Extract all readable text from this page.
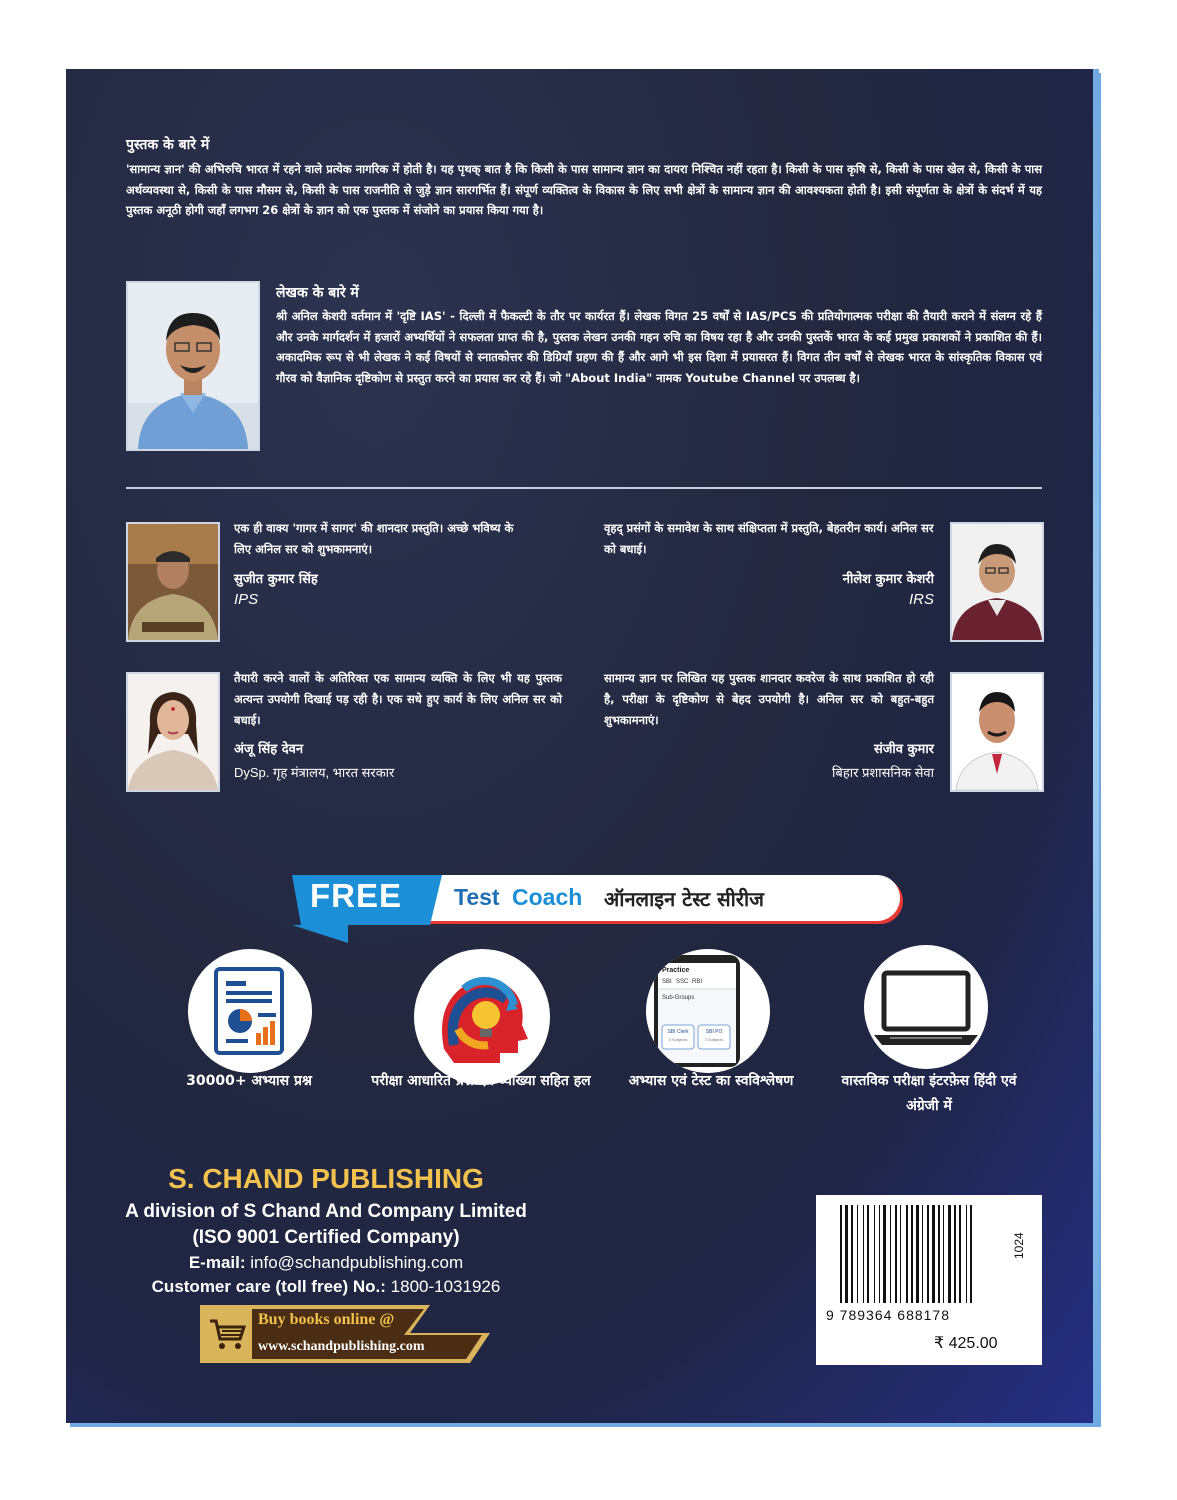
पुस्तक के बारे में
'सामान्य ज्ञान' की अभिरुचि भारत में रहने वाले प्रत्येक नागरिक में होती है। यह पृथक् बात है कि किसी के पास सामान्य ज्ञान का दायरा निश्चित नहीं रहता है। किसी के पास कृषि से, किसी के पास खेल से, किसी के पास अर्थव्यवस्था से, किसी के पास मौसम से, किसी के पास राजनीति से जुड़े ज्ञान सारगर्भित हैं। संपूर्ण व्यक्तित्व के विकास के लिए सभी क्षेत्रों के सामान्य ज्ञान की आवश्यकता होती है। इसी संपूर्णता के क्षेत्रों के संदर्भ में यह पुस्तक अनूठी होगी जहाँ लगभग 26 क्षेत्रों के ज्ञान को एक पुस्तक में संजोने का प्रयास किया गया है।
लेखक के बारे में
श्री अनिल केशरी वर्तमान में 'दृष्टि IAS' - दिल्ली में फैकल्टी के तौर पर कार्यरत हैं। लेखक विगत 25 वर्षों से IAS/PCS की प्रतियोगात्मक परीक्षा की तैयारी कराने में संलग्न रहे हैं और उनके मार्गदर्शन में हजारों अभ्यर्थियों ने सफलता प्राप्त की है, पुस्तक लेखन उनकी गहन रुचि का विषय रहा है और उनकी पुस्तकें भारत के कई प्रमुख प्रकाशकों ने प्रकाशित की हैं। अकादमिक रूप से भी लेखक ने कई विषयों से स्नातकोत्तर की डिग्रियाँ ग्रहण की हैं और आगे भी इस दिशा में प्रयासरत हैं। विगत तीन वर्षों से लेखक भारत के सांस्कृतिक विकास एवं गौरव को वैज्ञानिक दृष्टिकोण से प्रस्तुत करने का प्रयास कर रहे हैं। जो "About India" नामक Youtube Channel पर उपलब्ध है।
एक ही वाक्य 'गागर में सागर' की शानदार प्रस्तुति। अच्छे भविष्य के लिए अनिल सर को शुभकामनाएं।
सुजीत कुमार सिंह
IPS
वृहद् प्रसंगों के समावेश के साथ संक्षिप्तता में प्रस्तुति, बेहतरीन कार्य। अनिल सर को बधाई।
नीलेश कुमार केशरी
IRS
तैयारी करने वालों के अतिरिक्त एक सामान्य व्यक्ति के लिए भी यह पुस्तक अत्यन्त उपयोगी दिखाई पड़ रही है। एक सधे हुए कार्य के लिए अनिल सर को बधाई।
अंजू सिंह देवन
DySp. गृह मंत्रालय, भारत सरकार
सामान्य ज्ञान पर लिखित यह पुस्तक शानदार कवरेज के साथ प्रकाशित हो रही है, परीक्षा के दृष्टिकोण से बेहद उपयोगी है। अनिल सर को बहुत-बहुत शुभकामनाएं।
संजीव कुमार
बिहार प्रशासनिक सेवा
FREE Test Coach ऑनलाइन टेस्ट सीरीज
Practice
SBI SSC RBI
Sub-Groups
SBI Clerk
3 Subjects
SBI PO
3 Subjects
30000+ अभ्यास प्रश्न	परीक्षा आधारित प्रश्न एवं व्याख्या सहित हल	अभ्यास एवं टेस्ट का स्वविश्लेषण	वास्तविक परीक्षा इंटरफ़ेस हिंदी एवं अंग्रेजी में
S. CHAND PUBLISHING
A division of S Chand And Company Limited
(ISO 9001 Certified Company)
E-mail: info@schandpublishing.com
Customer care (toll free) No.: 1800-1031926
Buy books online @
www.schandpublishing.com
9 789364 688178
1024
₹ 425.00
